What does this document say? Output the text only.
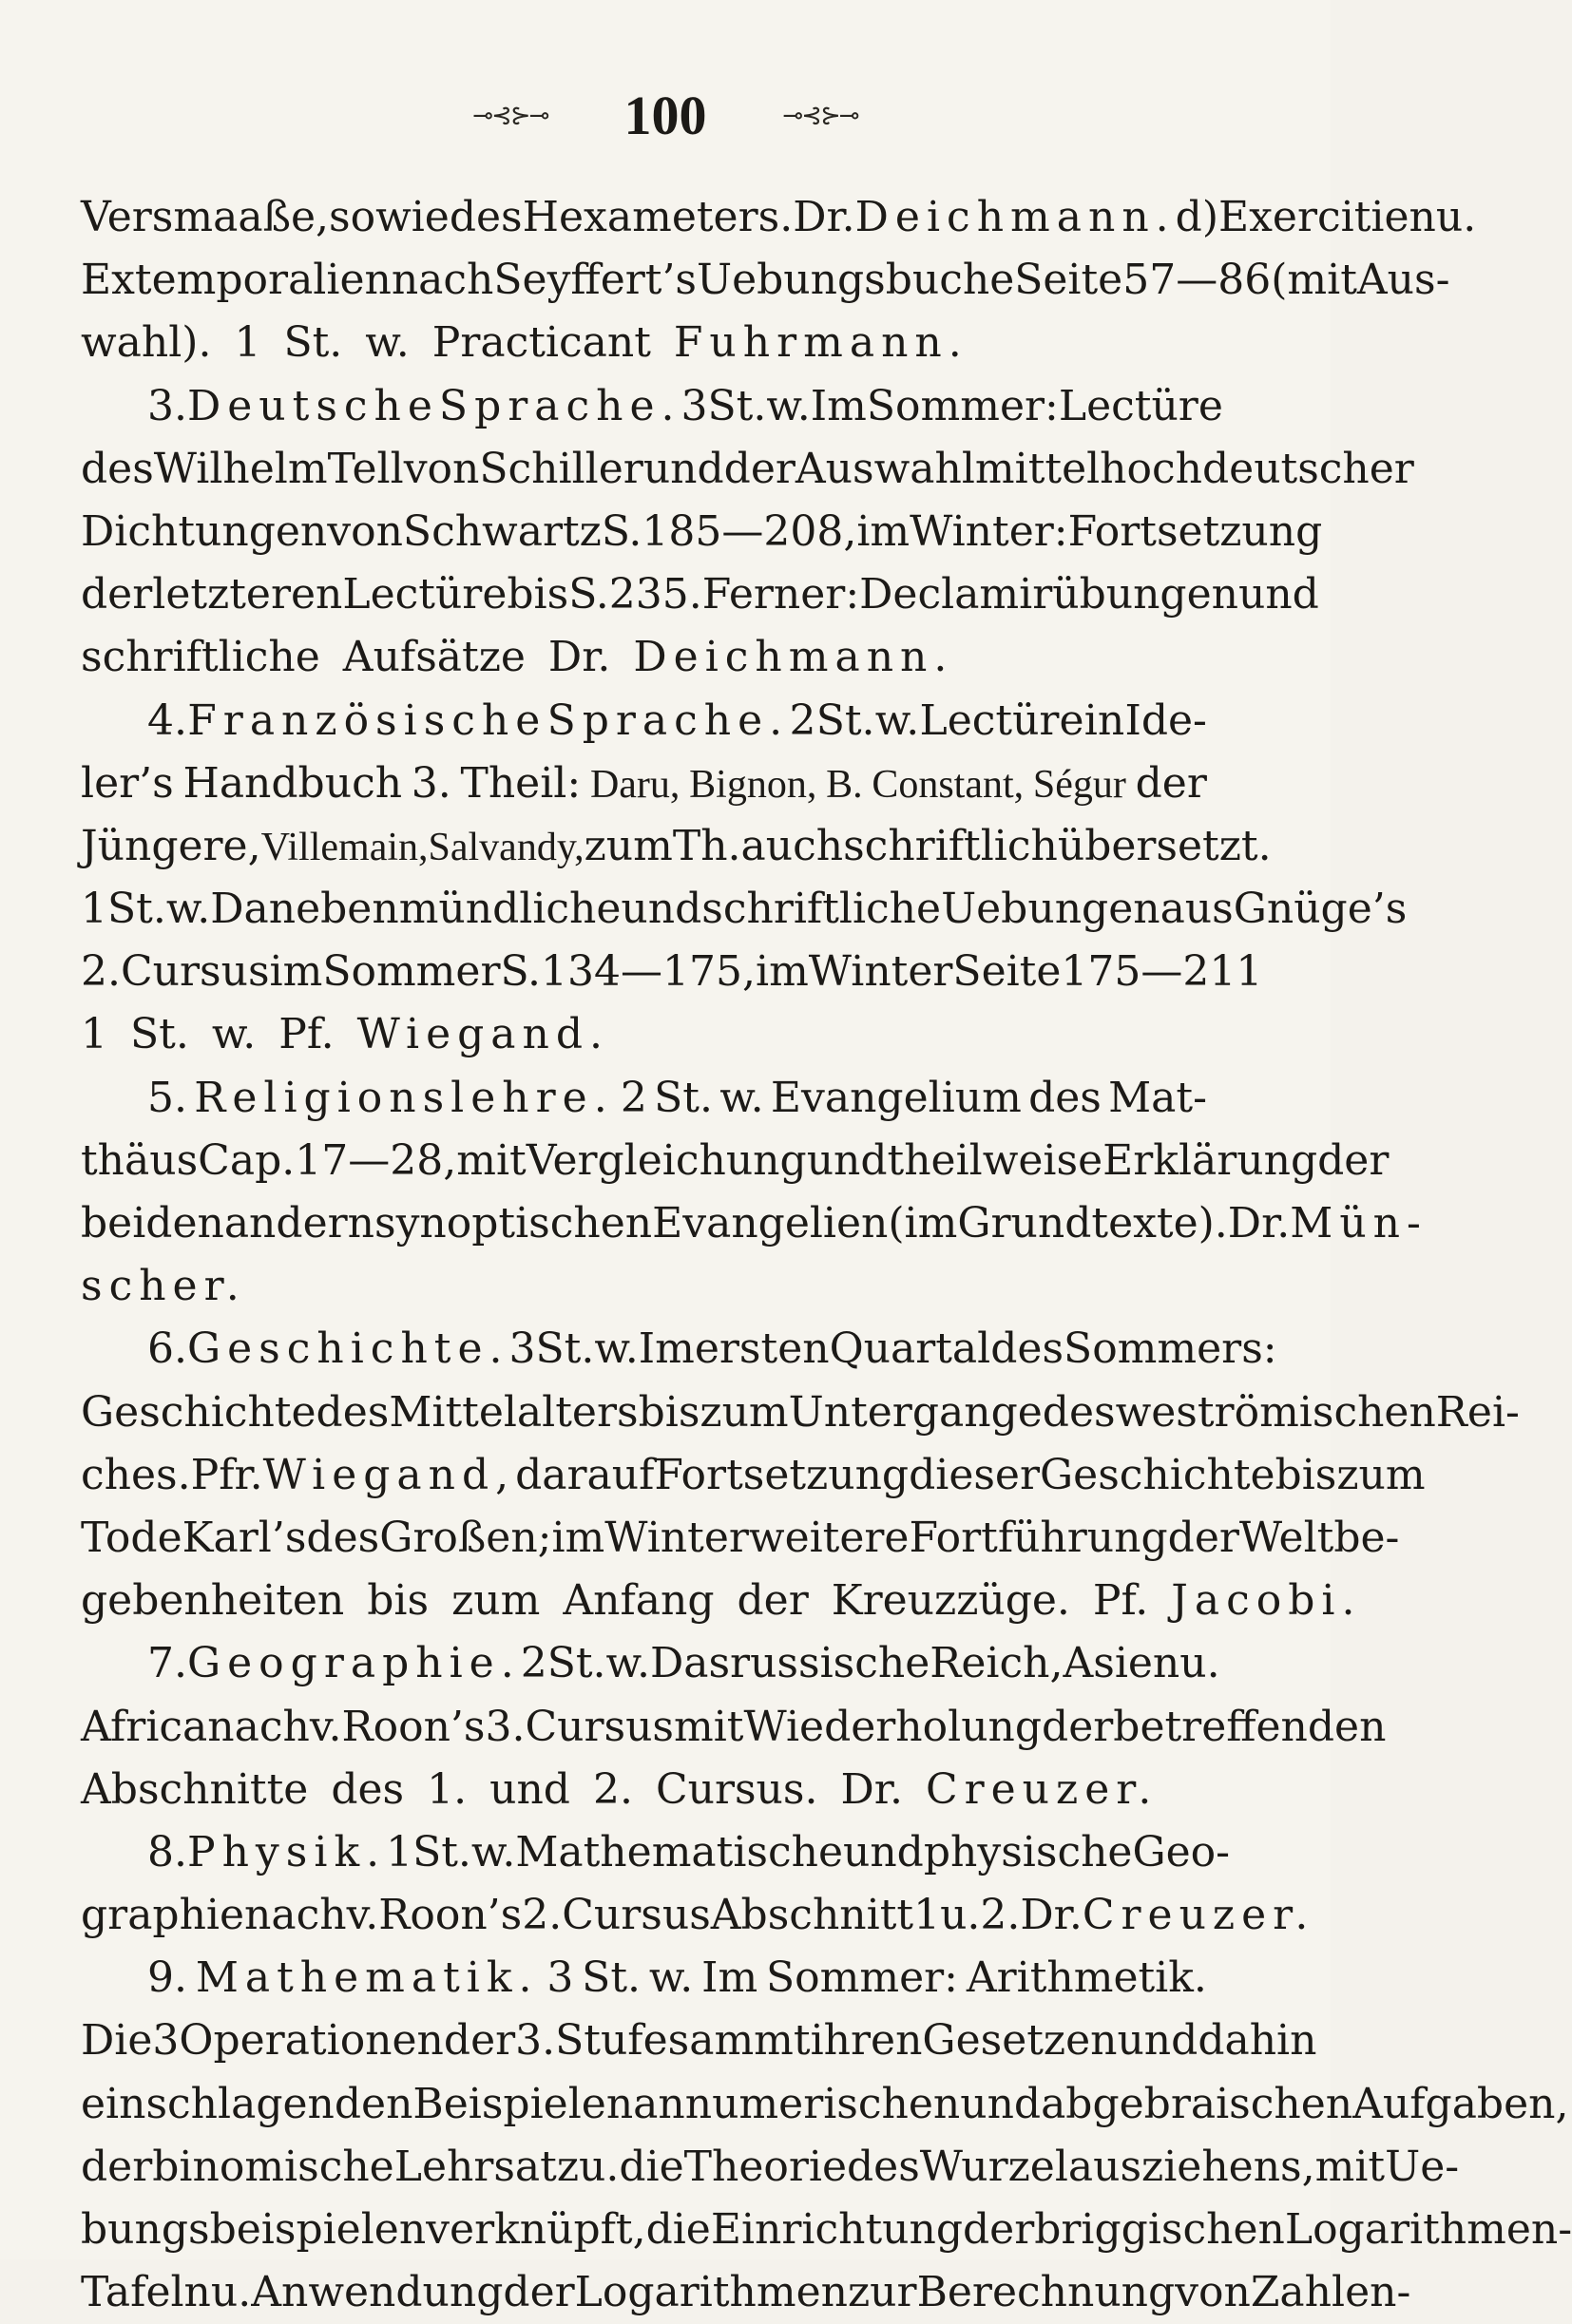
⊸⊰⊱⊸ 100	⊸⊰⊱⊸
Versmaaße, sowie des Hexameters. Dr. Deichmann. d) Exercitien u.
Extemporalien nach Seyffert’s Uebungsbuche Seite 57 — 86 (mit Aus-
wahl). 1 St. w. Practicant Fuhrmann.
3. Deutsche Sprache. 3 St. w. Im Sommer: Lectüre
des Wilhelm Tell von Schiller und der Auswahl mittelhochdeutscher
Dichtungen von Schwartz S. 185 — 208, im Winter: Fortsetzung
der letzteren Lectüre bis S. 235. Ferner: Declamirübungen und
schriftliche Aufsätze Dr. Deichmann.
4. Französische Sprache. 2 St. w. Lectüre in Ide-
ler’s Handbuch 3. Theil: Daru, Bignon, B. Constant, Ségur der
Jüngere, Villemain, Salvandy, zum Th. auch schriftlich übersetzt.
1 St. w. Daneben mündliche und schriftliche Uebungen aus Gnüge’s
2. Cursus im Sommer S. 134 — 175, im Winter Seite 175 — 211
1 St. w. Pf. Wiegand.
5. Religionslehre. 2 St. w. Evangelium des Mat-
thäus Cap. 17 — 28, mit Vergleichung und theilweise Erklärung der
beiden andern synoptischen Evangelien (im Grundtexte). Dr. Mün-
scher.
6. Geschichte. 3 St. w. Im ersten Quartal des Sommers:
Geschichte des Mittelalters bis zum Untergange des weströmischen Rei-
ches. Pfr. Wiegand, darauf Fortsetzung dieser Geschichte bis zum
Tode Karl’s des Großen; im Winter weitere Fortführung der Weltbe-
gebenheiten bis zum Anfang der Kreuzzüge. Pf. Jacobi.
7. Geographie. 2 St. w. Das russische Reich, Asien u.
Africa nach v. Roon’s 3. Cursus mit Wiederholung der betreffenden
Abschnitte des 1. und 2. Cursus. Dr. Creuzer.
8. Physik. 1 St. w. Mathematische und physische Geo-
graphie nach v. Roon’s 2. Cursus Abschnitt 1 u. 2. Dr. Creuzer.
9. Mathematik. 3 St. w. Im Sommer: Arithmetik.
Die 3 Operationen der 3. Stufe sammt ihren Gesetzen und dahin
einschlagenden Beispielen an numerischen und abgebraischen Aufgaben,
der binomische Lehrsatz u. die Theorie des Wurzelausziehens, mit Ue-
bungsbeispielen verknüpft, die Einrichtung der briggischen Logarithmen-
Tafeln u. Anwendung der Logarithmen zur Berechnung von Zahlen-
